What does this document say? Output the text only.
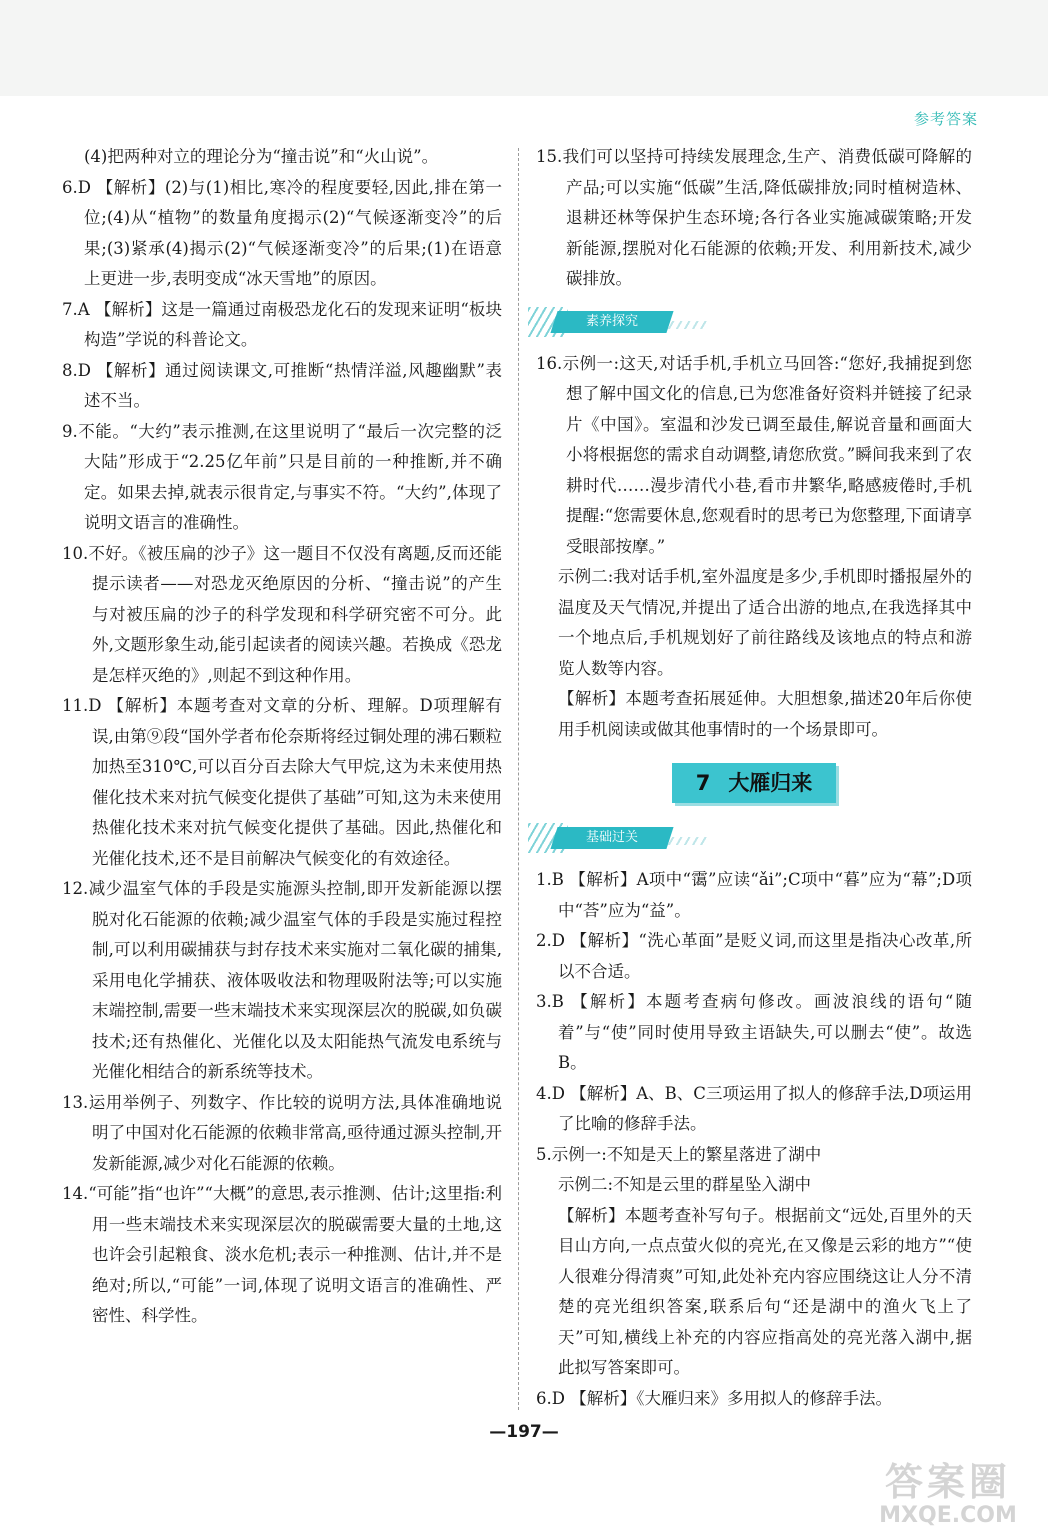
参考答案
(4)把两种对立的理论分为“撞击说”和“火山说”。
6.D 【解析】(2)与(1)相比,寒冷的程度要轻,因此,排在第一位;(4)从“植物”的数量角度揭示(2)“气候逐渐变冷”的后果;(3)紧承(4)揭示(2)“气候逐渐变冷”的后果;(1)在语意上更进一步,表明变成“冰天雪地”的原因。
7.A 【解析】这是一篇通过南极恐龙化石的发现来证明“板块构造”学说的科普论文。
8.D 【解析】通过阅读课文,可推断“热情洋溢,风趣幽默”表述不当。
9.不能。“大约”表示推测,在这里说明了“最后一次完整的泛大陆”形成于“2.25亿年前”只是目前的一种推断,并不确定。如果去掉,就表示很肯定,与事实不符。“大约”,体现了说明文语言的准确性。
10.不好。《被压扁的沙子》这一题目不仅没有离题,反而还能提示读者——对恐龙灭绝原因的分析、“撞击说”的产生与对被压扁的沙子的科学发现和科学研究密不可分。此外,文题形象生动,能引起读者的阅读兴趣。若换成《恐龙是怎样灭绝的》,则起不到这种作用。
11.D 【解析】本题考查对文章的分析、理解。D项理解有误,由第⑨段“国外学者布伦奈斯将经过铜处理的沸石颗粒加热至310℃,可以百分百去除大气甲烷,这为未来使用热催化技术来对抗气候变化提供了基础”可知,这为未来使用热催化技术来对抗气候变化提供了基础。因此,热催化和光催化技术,还不是目前解决气候变化的有效途径。
12.减少温室气体的手段是实施源头控制,即开发新能源以摆脱对化石能源的依赖;减少温室气体的手段是实施过程控制,可以利用碳捕获与封存技术来实施对二氧化碳的捕集,采用电化学捕获、液体吸收法和物理吸附法等;可以实施末端控制,需要一些末端技术来实现深层次的脱碳,如负碳技术;还有热催化、光催化以及太阳能热气流发电系统与光催化相结合的新系统等技术。
13.运用举例子、列数字、作比较的说明方法,具体准确地说明了中国对化石能源的依赖非常高,亟待通过源头控制,开发新能源,减少对化石能源的依赖。
14.“可能”指“也许”“大概”的意思,表示推测、估计;这里指:利用一些末端技术来实现深层次的脱碳需要大量的土地,这也许会引起粮食、淡水危机;表示一种推测、估计,并不是绝对;所以,“可能”一词,体现了说明文语言的准确性、严密性、科学性。
15.我们可以坚持可持续发展理念,生产、消费低碳可降解的产品;可以实施“低碳”生活,降低碳排放;同时植树造林、退耕还林等保护生态环境;各行各业实施减碳策略;开发新能源,摆脱对化石能源的依赖;开发、利用新技术,减少碳排放。
素养探究
16.示例一:这天,对话手机,手机立马回答:“您好,我捕捉到您想了解中国文化的信息,已为您准备好资料并链接了纪录片《中国》。室温和沙发已调至最佳,解说音量和画面大小将根据您的需求自动调整,请您欣赏。”瞬间我来到了农耕时代……漫步清代小巷,看市井繁华,略感疲倦时,手机提醒:“您需要休息,您观看时的思考已为您整理,下面请享受眼部按摩。”
示例二:我对话手机,室外温度是多少,手机即时播报屋外的温度及天气情况,并提出了适合出游的地点,在我选择其中一个地点后,手机规划好了前往路线及该地点的特点和游览人数等内容。
【解析】本题考查拓展延伸。大胆想象,描述20年后你使用手机阅读或做其他事情时的一个场景即可。
7 大雁归来
基础过关
1.B 【解析】A项中“霭”应读“ǎi”;C项中“暮”应为“幕”;D项中“荅”应为“益”。
2.D 【解析】“洗心革面”是贬义词,而这里是指决心改革,所以不合适。
3.B 【解析】本题考查病句修改。画波浪线的语句“随着”与“使”同时使用导致主语缺失,可以删去“使”。故选B。
4.D 【解析】A、B、C三项运用了拟人的修辞手法,D项运用了比喻的修辞手法。
5.示例一:不知是天上的繁星落进了湖中
示例二:不知是云里的群星坠入湖中
【解析】本题考查补写句子。根据前文“远处,百里外的天目山方向,一点点萤火似的亮光,在又像是云彩的地方”“使人很难分得清爽”可知,此处补充内容应围绕这让人分不清楚的亮光组织答案,联系后句“还是湖中的渔火飞上了天”可知,横线上补充的内容应指高处的亮光落入湖中,据此拟写答案即可。
6.D 【解析】《大雁归来》多用拟人的修辞手法。
—197—
答案圈
MXQE.COM
